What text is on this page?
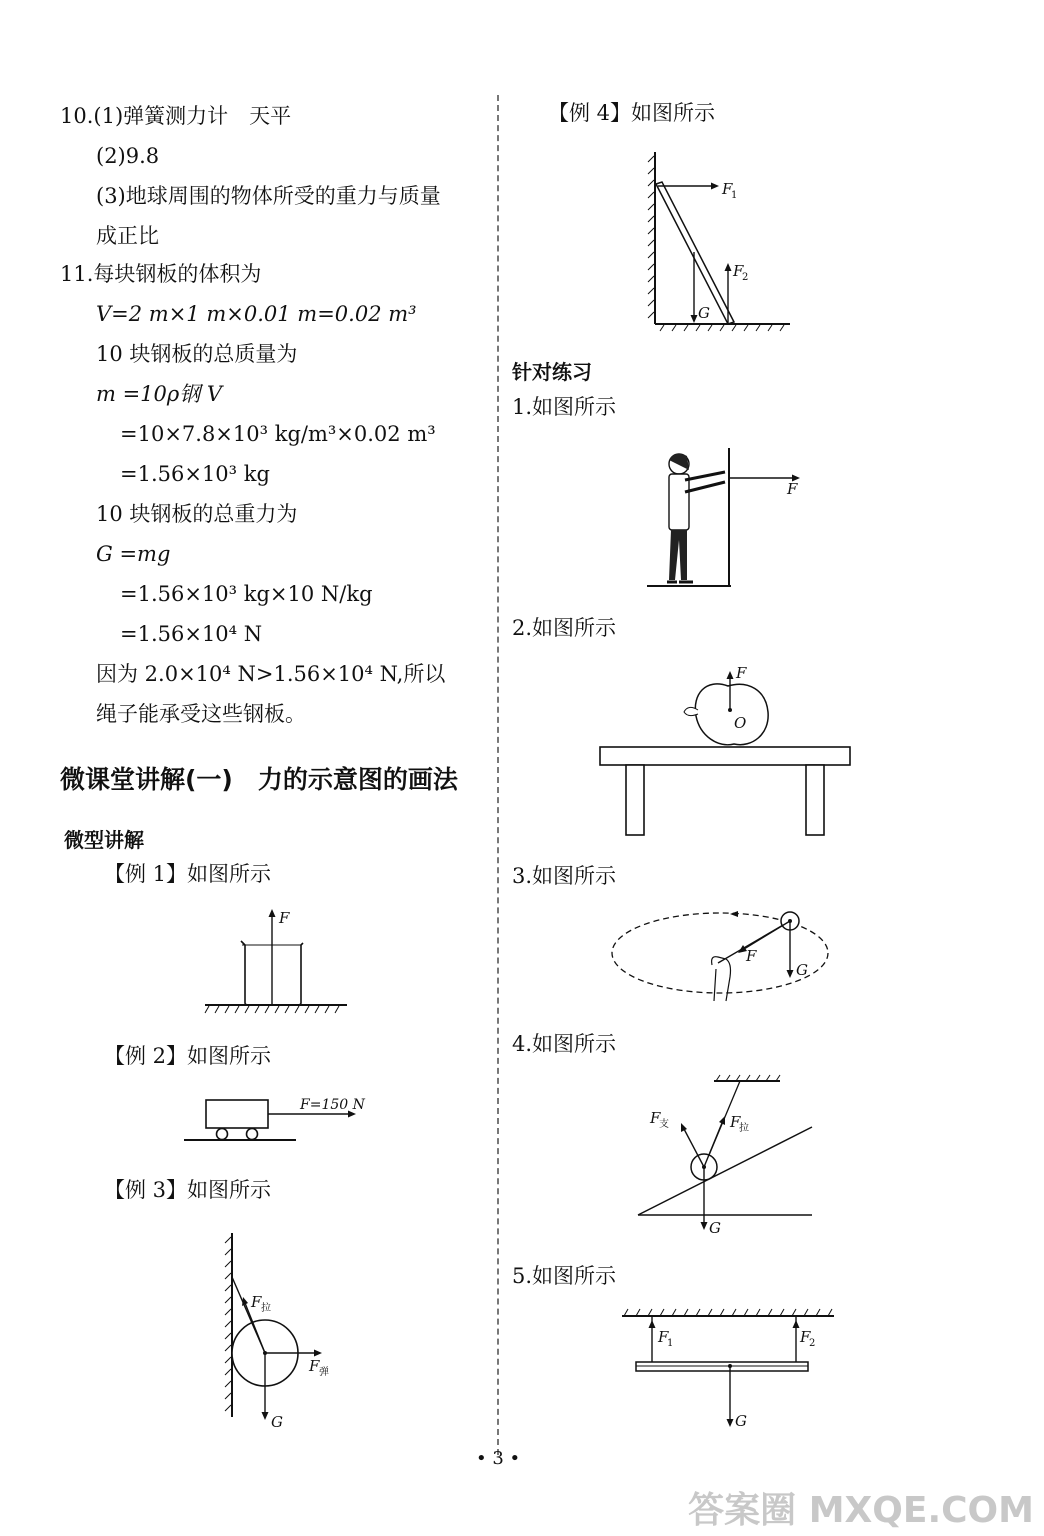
10.(1)弹簧测力计　天平
(2)9.8
(3)地球周围的物体所受的重力与质量
成正比
11.每块钢板的体积为
V=2 m×1 m×0.01 m=0.02 m³
10 块钢板的总质量为
m =10ρ钢 V
=10×7.8×10³ kg/m³×0.02 m³
=1.56×10³ kg
10 块钢板的总重力为
G =mg
=1.56×10³ kg×10 N/kg
=1.56×10⁴ N
因为 2.0×10⁴ N>1.56×10⁴ N,所以
绳子能承受这些钢板。
微课堂讲解(一)　力的示意图的画法
微型讲解
【例 1】如图所示
F
【例 2】如图所示
F=150 N
【例 3】如图所示
F 拉
F 弹
G
【例 4】如图所示
F
1
F
2
G
针对练习
1.如图所示
F
2.如图所示
F
O
3.如图所示
F
G
4.如图所示
F
支	F
拉
G
5.如图所示
F
1	F
2
G
• 3 •
答案圈 MXQE.COM
